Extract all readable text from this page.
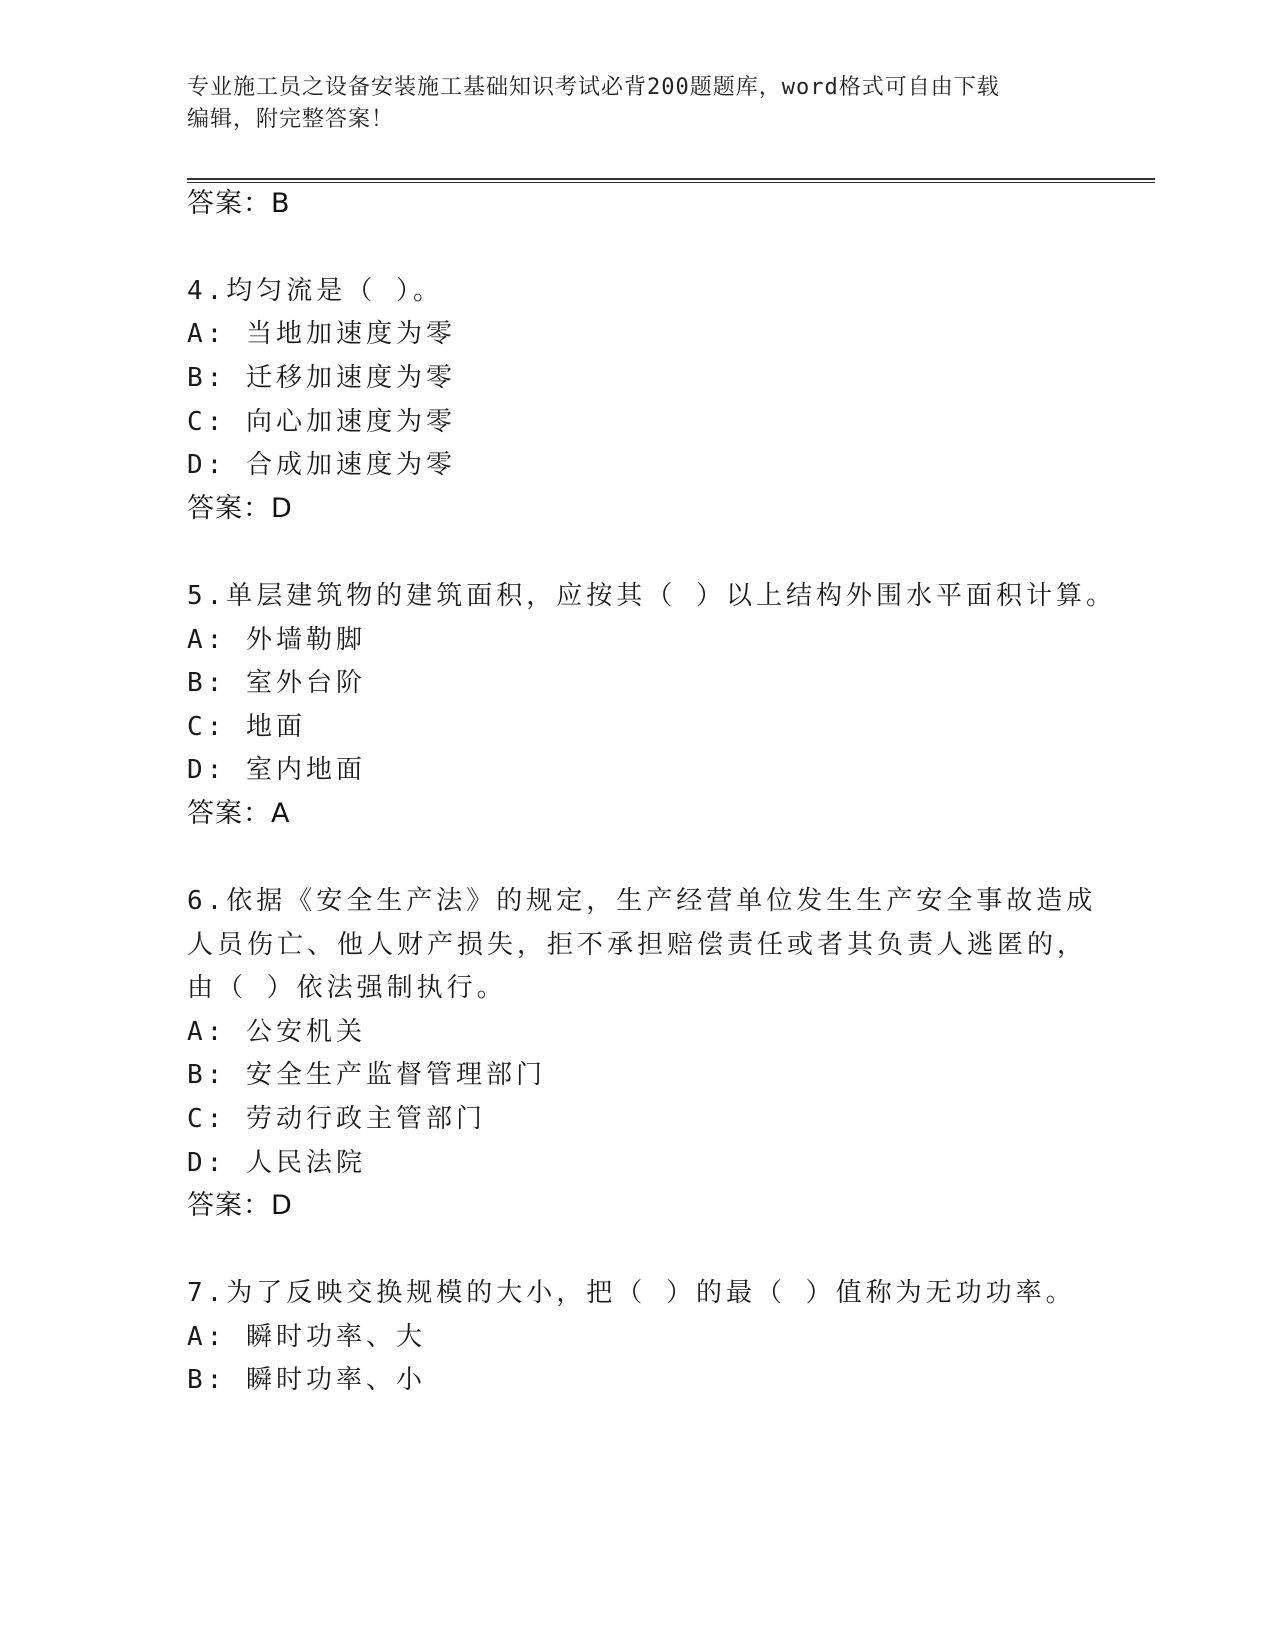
专业施工员之设备安装施工基础知识考试必背200题题库，word格式可自由下载
编辑，附完整答案！
答案：B
4.均匀流是（ ）。
A: 当地加速度为零
B: 迁移加速度为零
C: 向心加速度为零
D: 合成加速度为零
答案：D
5.单层建筑物的建筑面积，应按其（ ）以上结构外围水平面积计算。
A: 外墙勒脚
B: 室外台阶
C: 地面
D: 室内地面
答案：A
6.依据《安全生产法》的规定，生产经营单位发生生产安全事故造成
人员伤亡、他人财产损失，拒不承担赔偿责任或者其负责人逃匿的，
由（ ）依法强制执行。
A: 公安机关
B: 安全生产监督管理部门
C: 劳动行政主管部门
D: 人民法院
答案：D
7.为了反映交换规模的大小，把（ ）的最（ ）值称为无功功率。
A: 瞬时功率、大
B: 瞬时功率、小
